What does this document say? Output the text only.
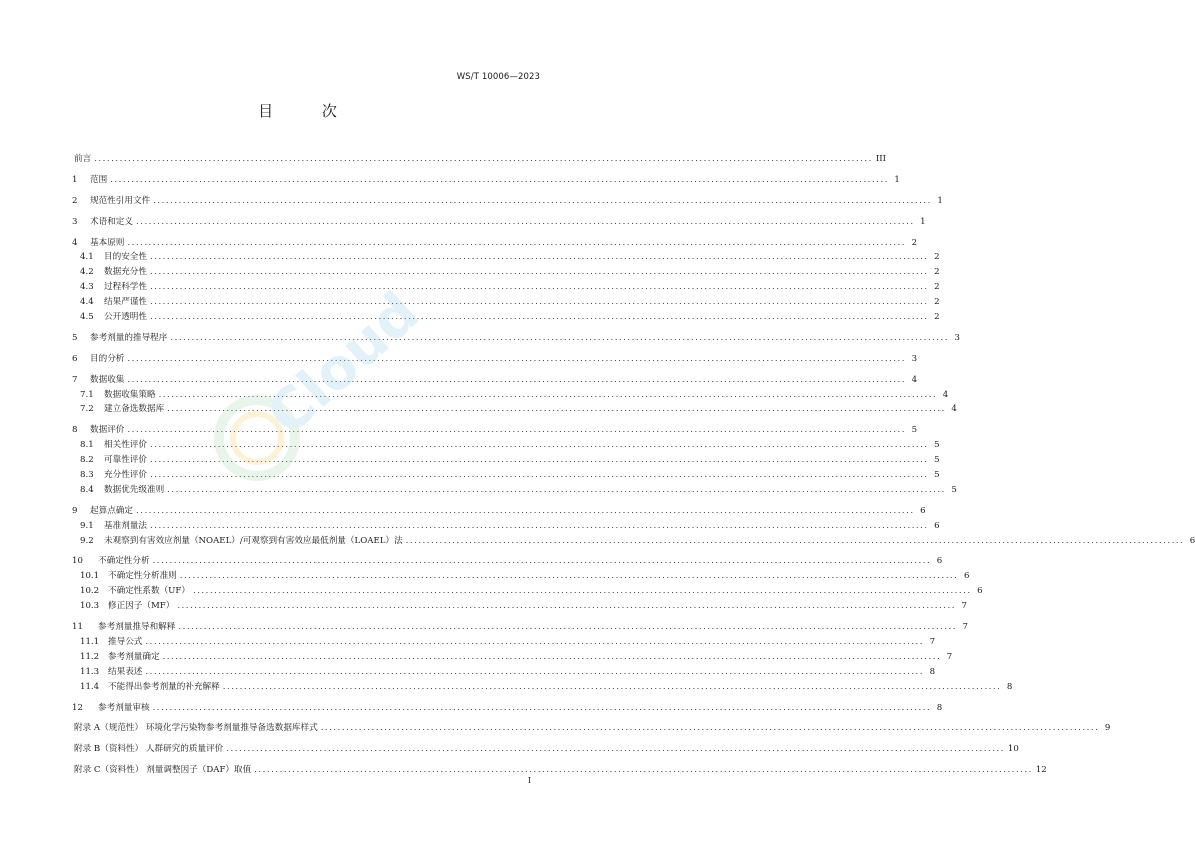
WS/T 10006—2023
目 次
前言 .....	III
1	范围 .....	1
2	规范性引用文件 .....	1
3	术语和定义 .....	1
4	基本原则 .....	2
4.1	目的安全性 .....	2
4.2	数据充分性 .....	2
4.3	过程科学性 .....	2
4.4	结果严谨性 .....	2
4.5	公开透明性 .....	2
5	参考剂量的推导程序 .....	3
6	目的分析 .....	3
7	数据收集 .....	4
7.1	数据收集策略 .....	4
7.2	建立备选数据库 .....	4
8	数据评价 .....	5
8.1	相关性评价 .....	5
8.2	可靠性评价 .....	5
8.3	充分性评价 .....	5
8.4	数据优先级准则 .....	5
9	起算点确定 .....	6
9.1	基准剂量法 .....	6
9.2	未观察到有害效应剂量（NOAEL）/可观察到有害效应最低剂量（LOAEL）法 .....	6
10	不确定性分析 .....	6
10.1	不确定性分析准则 .....	6
10.2	不确定性系数（UF） .....	6
10.3	修正因子（MF） .....	7
11	参考剂量推导和解释 .....	7
11.1	推导公式 .....	7
11.2	参考剂量确定 .....	7
11.3	结果表述 .....	8
11.4	不能得出参考剂量的补充解释 .....	8
12	参考剂量审核 .....	8
附录 A（规范性） 环境化学污染物参考剂量推导备选数据库样式 .....	9
附录 B（资料性） 人群研究的质量评价 .....	10
附录 C（资料性） 剂量调整因子（DAF）取值 .....	12
Cloud
I
